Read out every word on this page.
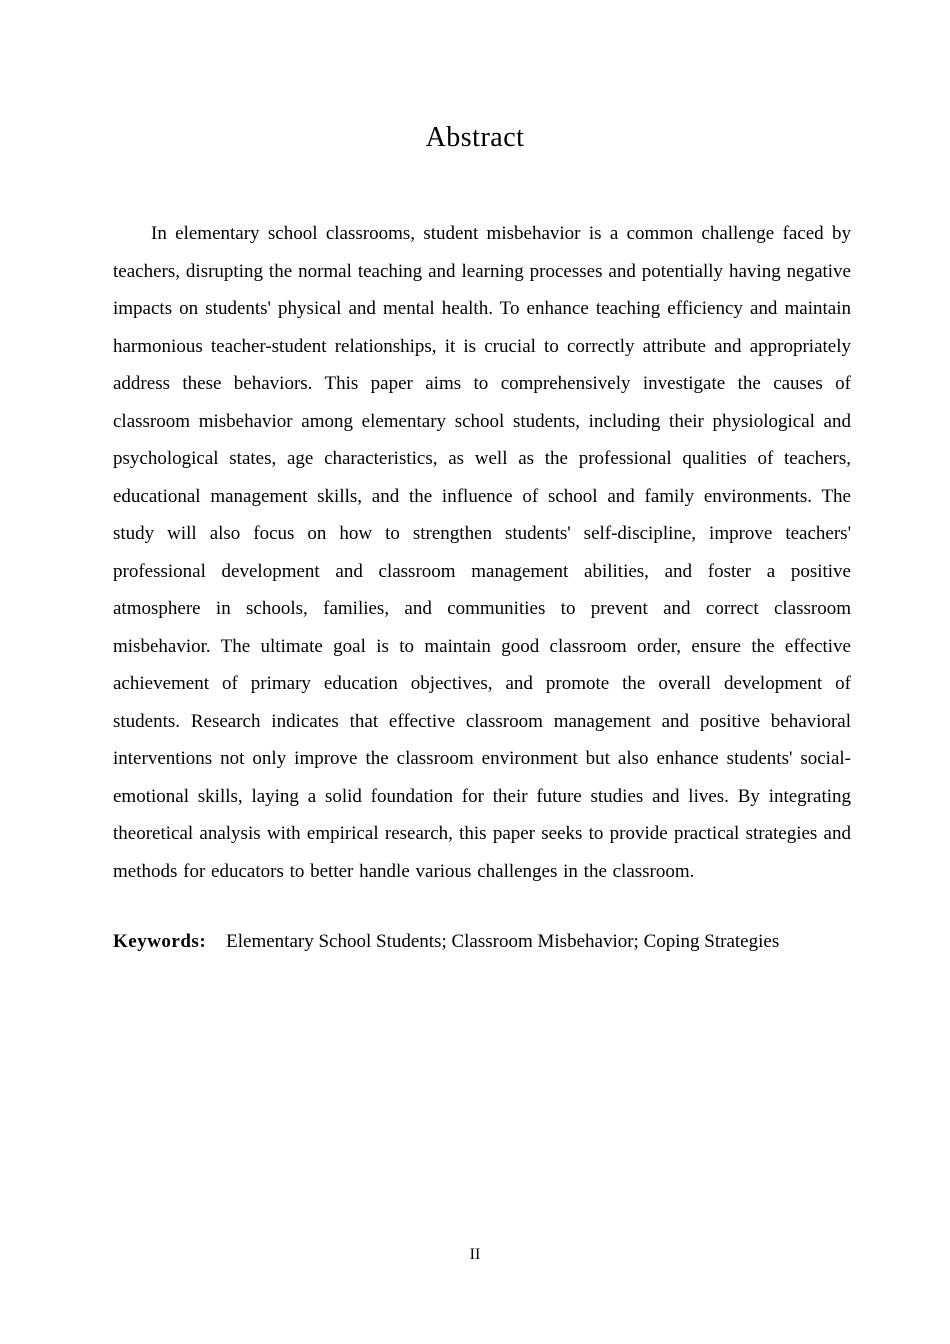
Abstract

In elementary school classrooms, student misbehavior is a common challenge faced by teachers, disrupting the normal teaching and learning processes and potentially having negative impacts on students' physical and mental health. To enhance teaching efficiency and maintain harmonious teacher-student relationships, it is crucial to correctly attribute and appropriately address these behaviors. This paper aims to comprehensively investigate the causes of classroom misbehavior among elementary school students, including their physiological and psychological states, age characteristics, as well as the professional qualities of teachers, educational management skills, and the influence of school and family environments. The study will also focus on how to strengthen students' self-discipline, improve teachers' professional development and classroom management abilities, and foster a positive atmosphere in schools, families, and communities to prevent and correct classroom misbehavior. The ultimate goal is to maintain good classroom order, ensure the effective achievement of primary education objectives, and promote the overall development of students. Research indicates that effective classroom management and positive behavioral interventions not only improve the classroom environment but also enhance students' social-emotional skills, laying a solid foundation for their future studies and lives. By integrating theoretical analysis with empirical research, this paper seeks to provide practical strategies and methods for educators to better handle various challenges in the classroom.

Keywords: Elementary School Students; Classroom Misbehavior; Coping Strategies

II
